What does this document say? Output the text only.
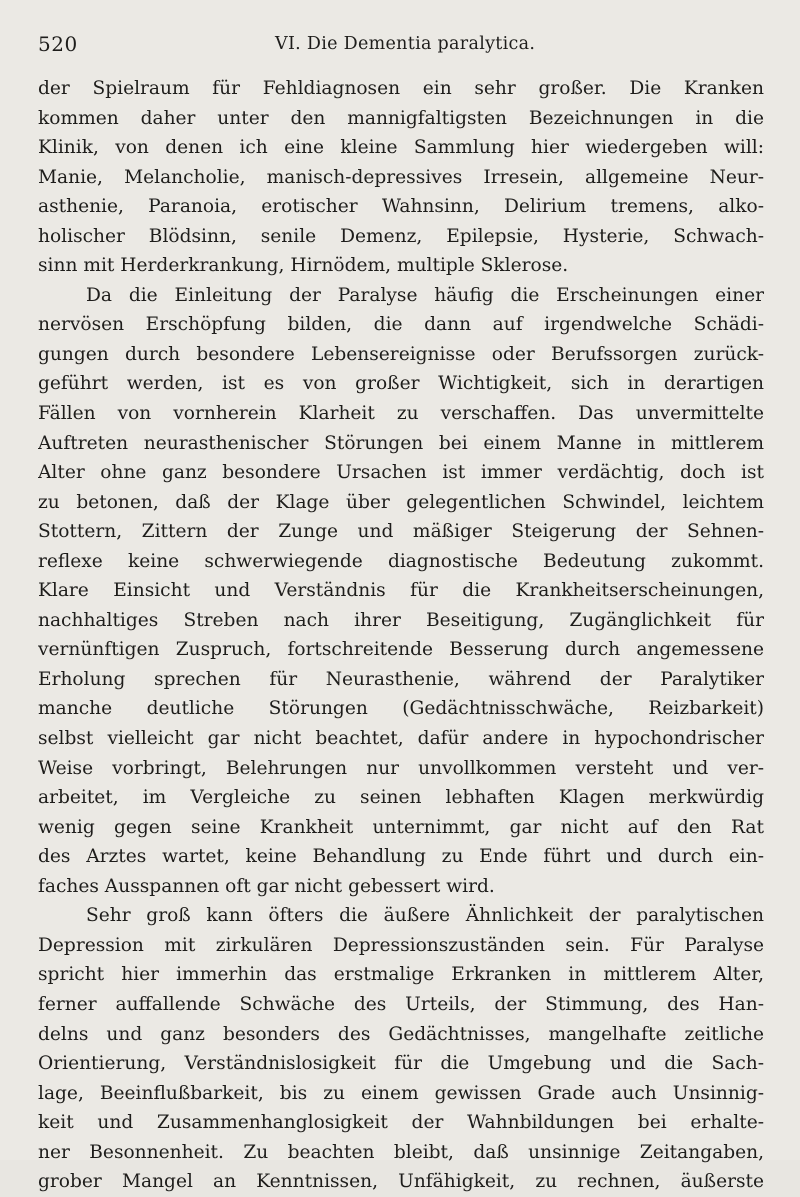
520	VI. Die Dementia paralytica.
der Spielraum für Fehldiagnosen ein sehr großer. Die Kranken
kommen daher unter den mannigfaltigsten Bezeichnungen in die
Klinik, von denen ich eine kleine Sammlung hier wiedergeben will:
Manie, Melancholie, manisch-depressives Irresein, allgemeine Neur-
asthenie, Paranoia, erotischer Wahnsinn, Delirium tremens, alko-
holischer Blödsinn, senile Demenz, Epilepsie, Hysterie, Schwach-
sinn mit Herderkrankung, Hirnödem, multiple Sklerose.
Da die Einleitung der Paralyse häufig die Erscheinungen einer
nervösen Erschöpfung bilden, die dann auf irgendwelche Schädi-
gungen durch besondere Lebensereignisse oder Berufssorgen zurück-
geführt werden, ist es von großer Wichtigkeit, sich in derartigen
Fällen von vornherein Klarheit zu verschaffen. Das unvermittelte
Auftreten neurasthenischer Störungen bei einem Manne in mittlerem
Alter ohne ganz besondere Ursachen ist immer verdächtig, doch ist
zu betonen, daß der Klage über gelegentlichen Schwindel, leichtem
Stottern, Zittern der Zunge und mäßiger Steigerung der Sehnen-
reflexe keine schwerwiegende diagnostische Bedeutung zukommt.
Klare Einsicht und Verständnis für die Krankheitserscheinungen,
nachhaltiges Streben nach ihrer Beseitigung, Zugänglichkeit für
vernünftigen Zuspruch, fortschreitende Besserung durch angemessene
Erholung sprechen für Neurasthenie, während der Paralytiker
manche deutliche Störungen (Gedächtnisschwäche, Reizbarkeit)
selbst vielleicht gar nicht beachtet, dafür andere in hypochondrischer
Weise vorbringt, Belehrungen nur unvollkommen versteht und ver-
arbeitet, im Vergleiche zu seinen lebhaften Klagen merkwürdig
wenig gegen seine Krankheit unternimmt, gar nicht auf den Rat
des Arztes wartet, keine Behandlung zu Ende führt und durch ein-
faches Ausspannen oft gar nicht gebessert wird.
Sehr groß kann öfters die äußere Ähnlichkeit der paralytischen
Depression mit zirkulären Depressionszuständen sein. Für Paralyse
spricht hier immerhin das erstmalige Erkranken in mittlerem Alter,
ferner auffallende Schwäche des Urteils, der Stimmung, des Han-
delns und ganz besonders des Gedächtnisses, mangelhafte zeitliche
Orientierung, Verständnislosigkeit für die Umgebung und die Sach-
lage, Beeinflußbarkeit, bis zu einem gewissen Grade auch Unsinnig-
keit und Zusammenhanglosigkeit der Wahnbildungen bei erhalte-
ner Besonnenheit. Zu beachten bleibt, daß unsinnige Zeitangaben,
grober Mangel an Kenntnissen, Unfähigkeit, zu rechnen, äußerste
